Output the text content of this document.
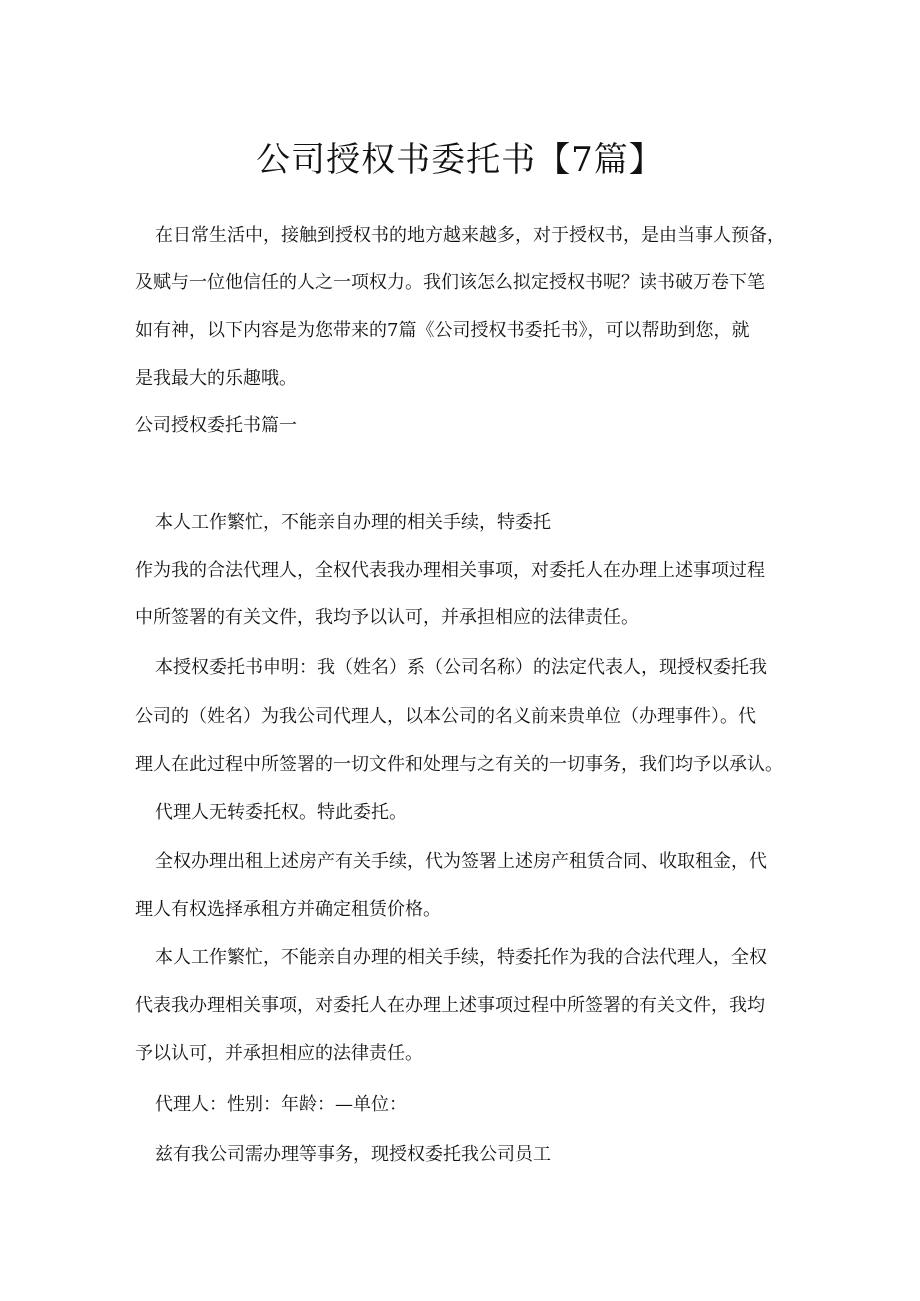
公司授权书委托书【7篇】
在日常生活中，接触到授权书的地方越来越多，对于授权书，是由当事人预备，
及赋与一位他信任的人之一项权力。我们该怎么拟定授权书呢？读书破万卷下笔
如有神，以下内容是为您带来的7篇《公司授权书委托书》，可以帮助到您，就
是我最大的乐趣哦。
公司授权委托书篇一
本人工作繁忙，不能亲自办理的相关手续，特委托
作为我的合法代理人，全权代表我办理相关事项，对委托人在办理上述事项过程
中所签署的有关文件，我均予以认可，并承担相应的法律责任。
本授权委托书申明：我（姓名）系（公司名称）的法定代表人，现授权委托我
公司的（姓名）为我公司代理人，以本公司的名义前来贵单位（办理事件）。代
理人在此过程中所签署的一切文件和处理与之有关的一切事务，我们均予以承认。
代理人无转委托权。特此委托。
全权办理出租上述房产有关手续，代为签署上述房产租赁合同、收取租金，代
理人有权选择承租方并确定租赁价格。
本人工作繁忙，不能亲自办理的相关手续，特委托作为我的合法代理人，全权
代表我办理相关事项，对委托人在办理上述事项过程中所签署的有关文件，我均
予以认可，并承担相应的法律责任。
代理人：性别：年龄：—单位：
兹有我公司需办理等事务，现授权委托我公司员工
